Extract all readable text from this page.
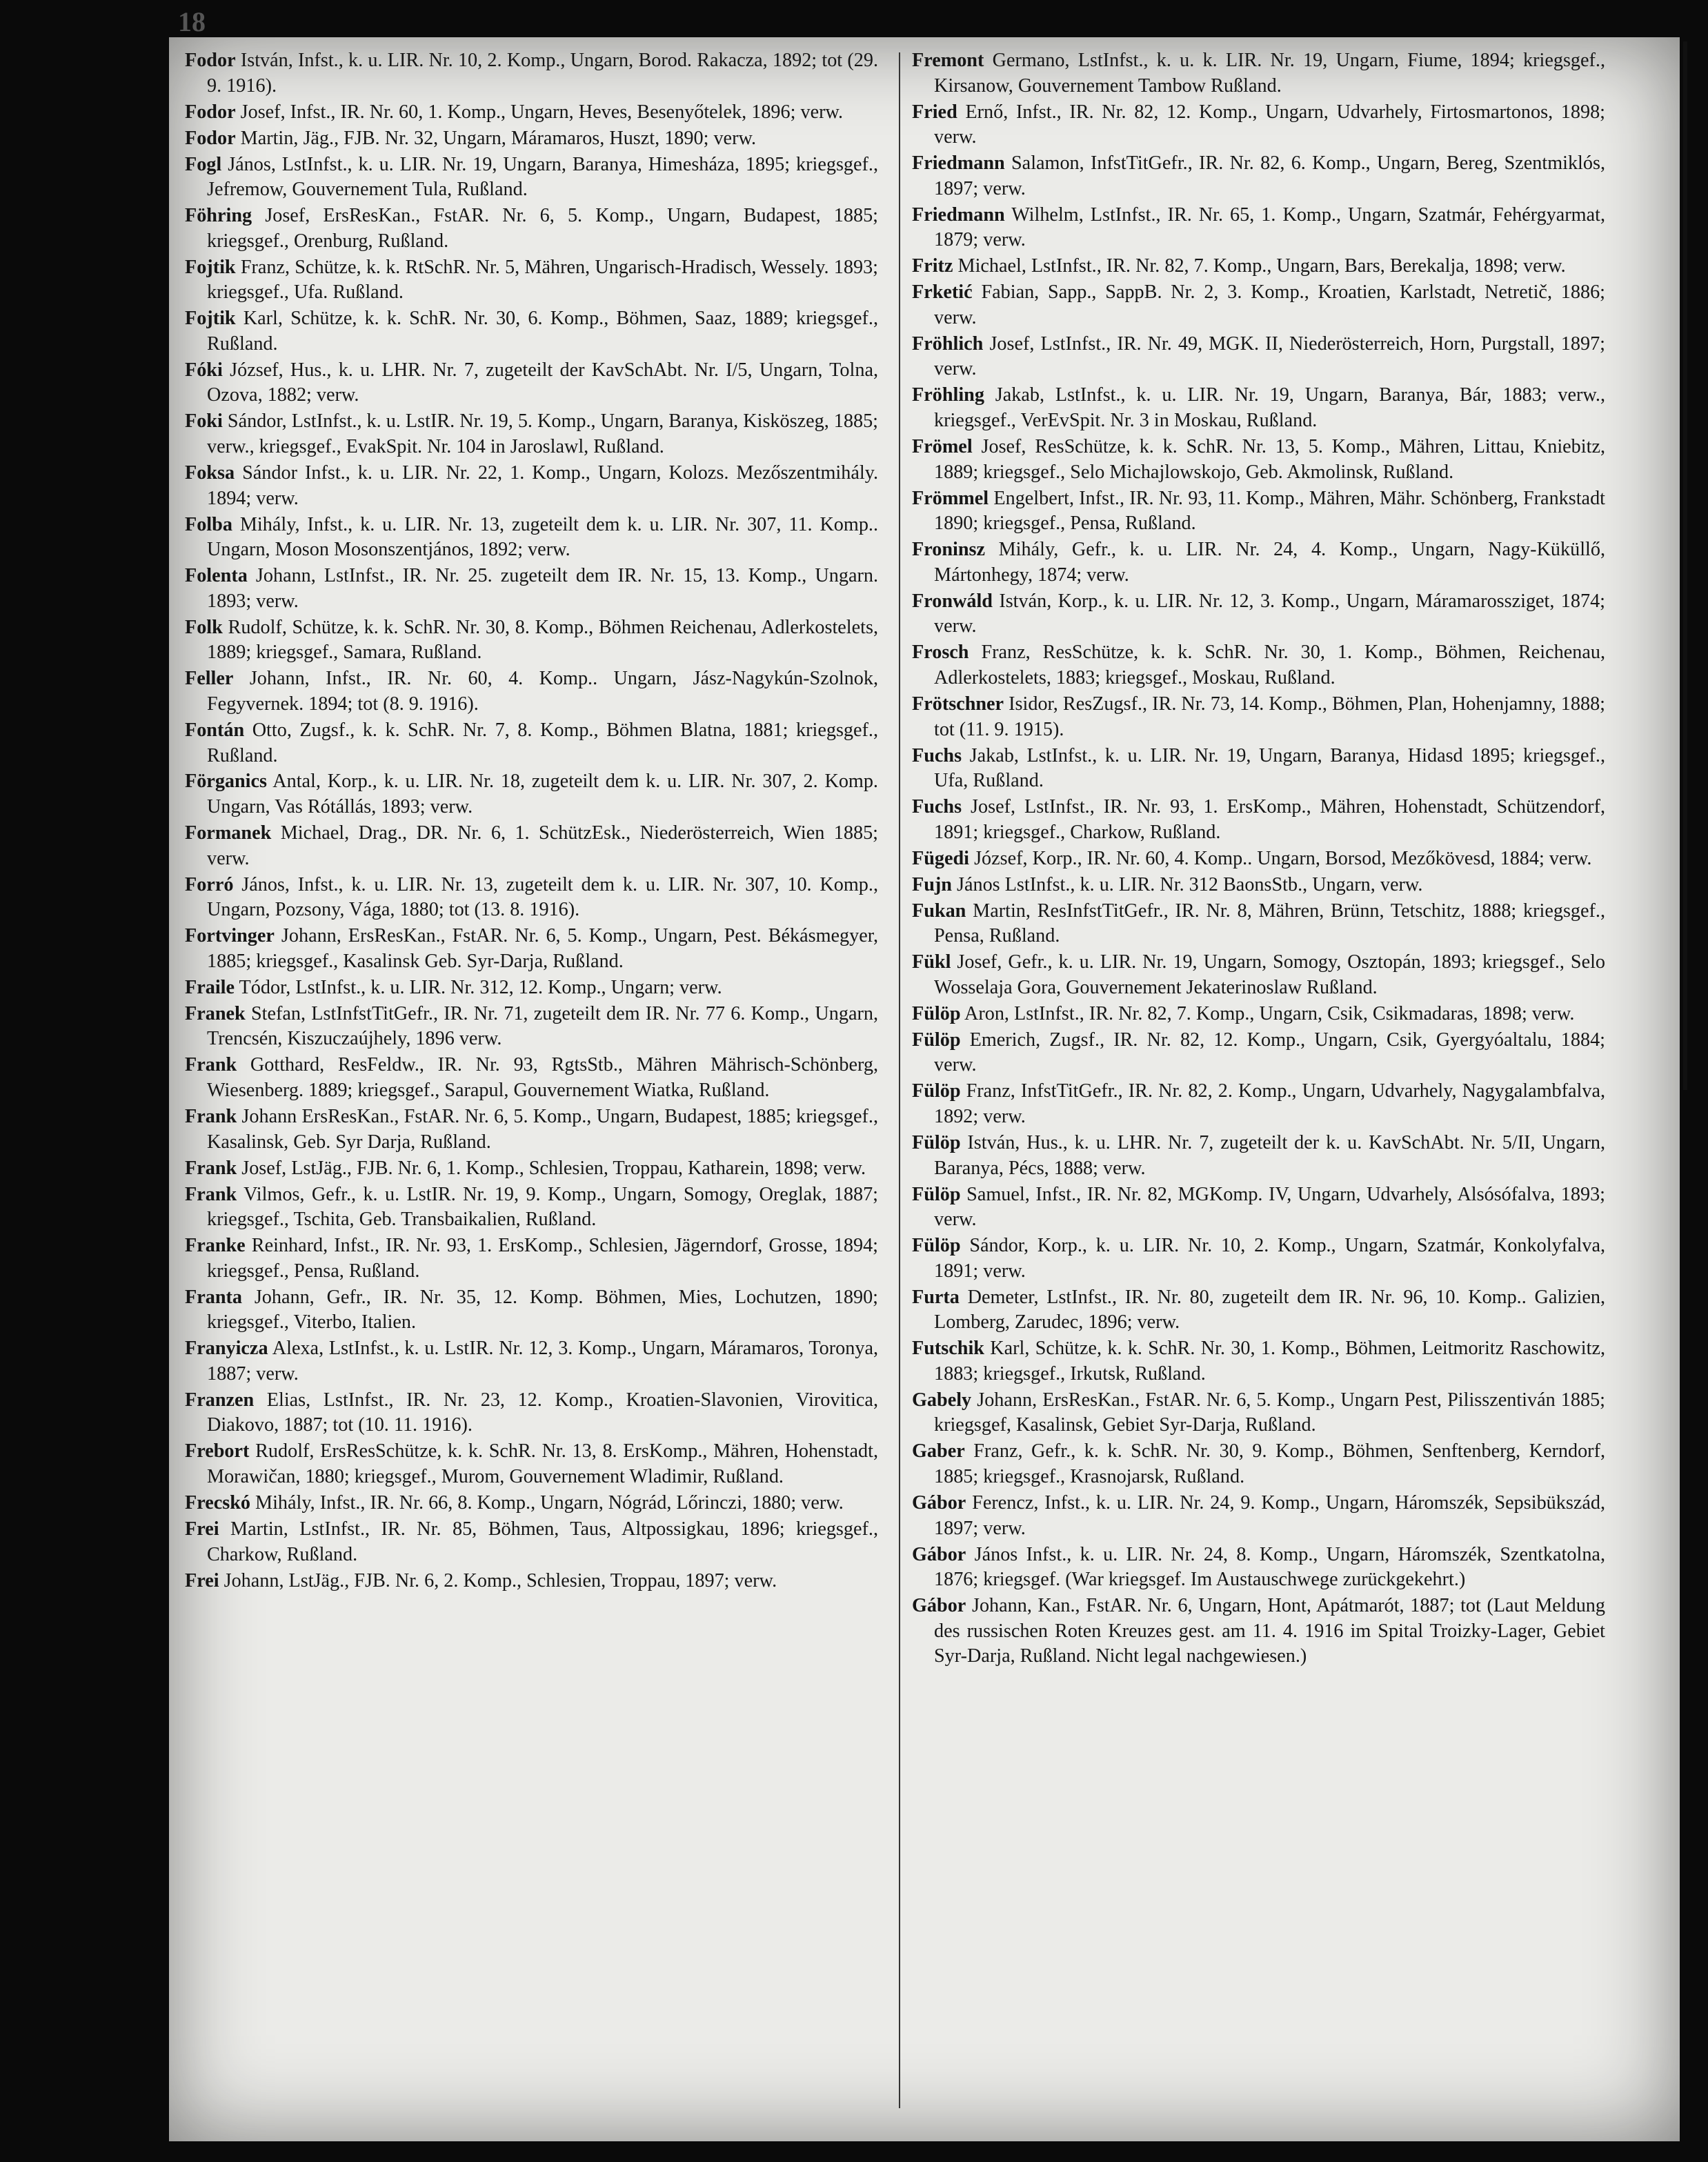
18

Fodor István, Infst., k. u. LIR. Nr. 10, 2. Komp., Ungarn, Borod. Rakacza, 1892; tot (29. 9. 1916).

Fodor Josef, Infst., IR. Nr. 60, 1. Komp., Ungarn, Heves, Besenyőtelek, 1896; verw.

Fodor Martin, Jäg., FJB. Nr. 32, Ungarn, Máramaros, Huszt, 1890; verw.

Fogl János, LstInfst., k. u. LIR. Nr. 19, Ungarn, Baranya, Himesháza, 1895; kriegsgef., Jefremow, Gouvernement Tula, Rußland.

Föhring Josef, ErsResKan., FstAR. Nr. 6, 5. Komp., Ungarn, Budapest, 1885; kriegsgef., Orenburg, Rußland.

Fojtik Franz, Schütze, k. k. RtSchR. Nr. 5, Mähren, Ungarisch-Hradisch, Wessely. 1893; kriegsgef., Ufa. Rußland.

Fojtik Karl, Schütze, k. k. SchR. Nr. 30, 6. Komp., Böhmen, Saaz, 1889; kriegsgef., Rußland.

Fóki József, Hus., k. u. LHR. Nr. 7, zugeteilt der KavSchAbt. Nr. I/5, Ungarn, Tolna, Ozova, 1882; verw.

Foki Sándor, LstInfst., k. u. LstIR. Nr. 19, 5. Komp., Ungarn, Baranya, Kisköszeg, 1885; verw., kriegsgef., EvakSpit. Nr. 104 in Jaroslawl, Rußland.

Foksa Sándor Infst., k. u. LIR. Nr. 22, 1. Komp., Ungarn, Kolozs. Mezőszentmihály. 1894; verw.

Folba Mihály, Infst., k. u. LIR. Nr. 13, zugeteilt dem k. u. LIR. Nr. 307, 11. Komp.. Ungarn, Moson Mosonszentjános, 1892; verw.

Folenta Johann, LstInfst., IR. Nr. 25. zugeteilt dem IR. Nr. 15, 13. Komp., Ungarn. 1893; verw.

Folk Rudolf, Schütze, k. k. SchR. Nr. 30, 8. Komp., Böhmen Reichenau, Adlerkostelets, 1889; kriegsgef., Samara, Rußland.

Feller Johann, Infst., IR. Nr. 60, 4. Komp.. Ungarn, Jász-Nagykún-Szolnok, Fegyvernek. 1894; tot (8. 9. 1916).

Fontán Otto, Zugsf., k. k. SchR. Nr. 7, 8. Komp., Böhmen Blatna, 1881; kriegsgef., Rußland.

Förganics Antal, Korp., k. u. LIR. Nr. 18, zugeteilt dem k. u. LIR. Nr. 307, 2. Komp. Ungarn, Vas Rótállás, 1893; verw.

Formanek Michael, Drag., DR. Nr. 6, 1. SchützEsk., Niederösterreich, Wien 1885; verw.

Forró János, Infst., k. u. LIR. Nr. 13, zugeteilt dem k. u. LIR. Nr. 307, 10. Komp., Ungarn, Pozsony, Vága, 1880; tot (13. 8. 1916).

Fortvinger Johann, ErsResKan., FstAR. Nr. 6, 5. Komp., Ungarn, Pest. Békásmegyer, 1885; kriegsgef., Kasalinsk Geb. Syr-Darja, Rußland.

Fraile Tódor, LstInfst., k. u. LIR. Nr. 312, 12. Komp., Ungarn; verw.

Franek Stefan, LstInfstTitGefr., IR. Nr. 71, zugeteilt dem IR. Nr. 77 6. Komp., Ungarn, Trencsén, Kiszuczaújhely, 1896 verw.

Frank Gotthard, ResFeldw., IR. Nr. 93, RgtsStb., Mähren Mährisch-Schönberg, Wiesenberg. 1889; kriegsgef., Sarapul, Gouvernement Wiatka, Rußland.

Frank Johann ErsResKan., FstAR. Nr. 6, 5. Komp., Ungarn, Budapest, 1885; kriegsgef., Kasalinsk, Geb. Syr Darja, Rußland.

Frank Josef, LstJäg., FJB. Nr. 6, 1. Komp., Schlesien, Troppau, Katharein, 1898; verw.

Frank Vilmos, Gefr., k. u. LstIR. Nr. 19, 9. Komp., Ungarn, Somogy, Oreglak, 1887; kriegsgef., Tschita, Geb. Transbaikalien, Rußland.

Franke Reinhard, Infst., IR. Nr. 93, 1. ErsKomp., Schlesien, Jägerndorf, Grosse, 1894; kriegsgef., Pensa, Rußland.

Franta Johann, Gefr., IR. Nr. 35, 12. Komp. Böhmen, Mies, Lochutzen, 1890; kriegsgef., Viterbo, Italien.

Franyicza Alexa, LstInfst., k. u. LstIR. Nr. 12, 3. Komp., Ungarn, Máramaros, Toronya, 1887; verw.

Franzen Elias, LstInfst., IR. Nr. 23, 12. Komp., Kroatien-Slavonien, Virovitica, Diakovo, 1887; tot (10. 11. 1916).

Frebort Rudolf, ErsResSchütze, k. k. SchR. Nr. 13, 8. ErsKomp., Mähren, Hohenstadt, Morawičan, 1880; kriegsgef., Murom, Gouvernement Wladimir, Rußland.

Frecskó Mihály, Infst., IR. Nr. 66, 8. Komp., Ungarn, Nógrád, Lőrinczi, 1880; verw.

Frei Martin, LstInfst., IR. Nr. 85, Böhmen, Taus, Altpossigkau, 1896; kriegsgef., Charkow, Rußland.

Frei Johann, LstJäg., FJB. Nr. 6, 2. Komp., Schlesien, Troppau, 1897; verw.

Fremont Germano, LstInfst., k. u. k. LIR. Nr. 19, Ungarn, Fiume, 1894; kriegsgef., Kirsanow, Gouvernement Tambow Rußland.

Fried Ernő, Infst., IR. Nr. 82, 12. Komp., Ungarn, Udvarhely, Firtosmartonos, 1898; verw.

Friedmann Salamon, InfstTitGefr., IR. Nr. 82, 6. Komp., Ungarn, Bereg, Szentmiklós, 1897; verw.

Friedmann Wilhelm, LstInfst., IR. Nr. 65, 1. Komp., Ungarn, Szatmár, Fehérgyarmat, 1879; verw.

Fritz Michael, LstInfst., IR. Nr. 82, 7. Komp., Ungarn, Bars, Berekalja, 1898; verw.

Frketić Fabian, Sapp., SappB. Nr. 2, 3. Komp., Kroatien, Karlstadt, Netretič, 1886; verw.

Fröhlich Josef, LstInfst., IR. Nr. 49, MGK. II, Niederösterreich, Horn, Purgstall, 1897; verw.

Fröhling Jakab, LstInfst., k. u. LIR. Nr. 19, Ungarn, Baranya, Bár, 1883; verw., kriegsgef., VerEvSpit. Nr. 3 in Moskau, Rußland.

Frömel Josef, ResSchütze, k. k. SchR. Nr. 13, 5. Komp., Mähren, Littau, Kniebitz, 1889; kriegsgef., Selo Michajlowskojo, Geb. Akmolinsk, Rußland.

Frömmel Engelbert, Infst., IR. Nr. 93, 11. Komp., Mähren, Mähr. Schönberg, Frankstadt 1890; kriegsgef., Pensa, Rußland.

Froninsz Mihály, Gefr., k. u. LIR. Nr. 24, 4. Komp., Ungarn, Nagy-Küküllő, Mártonhegy, 1874; verw.

Fronwáld István, Korp., k. u. LIR. Nr. 12, 3. Komp., Ungarn, Máramarossziget, 1874; verw.

Frosch Franz, ResSchütze, k. k. SchR. Nr. 30, 1. Komp., Böhmen, Reichenau, Adlerkostelets, 1883; kriegsgef., Moskau, Rußland.

Frötschner Isidor, ResZugsf., IR. Nr. 73, 14. Komp., Böhmen, Plan, Hohenjamny, 1888; tot (11. 9. 1915).

Fuchs Jakab, LstInfst., k. u. LIR. Nr. 19, Ungarn, Baranya, Hidasd 1895; kriegsgef., Ufa, Rußland.

Fuchs Josef, LstInfst., IR. Nr. 93, 1. ErsKomp., Mähren, Hohenstadt, Schützendorf, 1891; kriegsgef., Charkow, Rußland.

Fügedi József, Korp., IR. Nr. 60, 4. Komp.. Ungarn, Borsod, Mezőkövesd, 1884; verw.

Fujn János LstInfst., k. u. LIR. Nr. 312 BaonsStb., Ungarn, verw.

Fukan Martin, ResInfstTitGefr., IR. Nr. 8, Mähren, Brünn, Tetschitz, 1888; kriegsgef., Pensa, Rußland.

Fükl Josef, Gefr., k. u. LIR. Nr. 19, Ungarn, Somogy, Osztopán, 1893; kriegsgef., Selo Wosselaja Gora, Gouvernement Jekaterinoslaw Rußland.

Fülöp Aron, LstInfst., IR. Nr. 82, 7. Komp., Ungarn, Csik, Csikmadaras, 1898; verw.

Fülöp Emerich, Zugsf., IR. Nr. 82, 12. Komp., Ungarn, Csik, Gyergyóaltalu, 1884; verw.

Fülöp Franz, InfstTitGefr., IR. Nr. 82, 2. Komp., Ungarn, Udvarhely, Nagygalambfalva, 1892; verw.

Fülöp István, Hus., k. u. LHR. Nr. 7, zugeteilt der k. u. KavSchAbt. Nr. 5/II, Ungarn, Baranya, Pécs, 1888; verw.

Fülöp Samuel, Infst., IR. Nr. 82, MGKomp. IV, Ungarn, Udvarhely, Alsósófalva, 1893; verw.

Fülöp Sándor, Korp., k. u. LIR. Nr. 10, 2. Komp., Ungarn, Szatmár, Konkolyfalva, 1891; verw.

Furta Demeter, LstInfst., IR. Nr. 80, zugeteilt dem IR. Nr. 96, 10. Komp.. Galizien, Lomberg, Zarudec, 1896; verw.

Futschik Karl, Schütze, k. k. SchR. Nr. 30, 1. Komp., Böhmen, Leitmoritz Raschowitz, 1883; kriegsgef., Irkutsk, Rußland.

Gabely Johann, ErsResKan., FstAR. Nr. 6, 5. Komp., Ungarn Pest, Pilisszentiván 1885; kriegsgef, Kasalinsk, Gebiet Syr-Darja, Rußland.

Gaber Franz, Gefr., k. k. SchR. Nr. 30, 9. Komp., Böhmen, Senftenberg, Kerndorf, 1885; kriegsgef., Krasnojarsk, Rußland.

Gábor Ferencz, Infst., k. u. LIR. Nr. 24, 9. Komp., Ungarn, Háromszék, Sepsibükszád, 1897; verw.

Gábor János Infst., k. u. LIR. Nr. 24, 8. Komp., Ungarn, Háromszék, Szentkatolna, 1876; kriegsgef. (War kriegsgef. Im Austauschwege zurückgekehrt.)

Gábor Johann, Kan., FstAR. Nr. 6, Ungarn, Hont, Apátmarót, 1887; tot (Laut Meldung des russischen Roten Kreuzes gest. am 11. 4. 1916 im Spital Troizky-Lager, Gebiet Syr-Darja, Rußland. Nicht legal nachgewiesen.)
